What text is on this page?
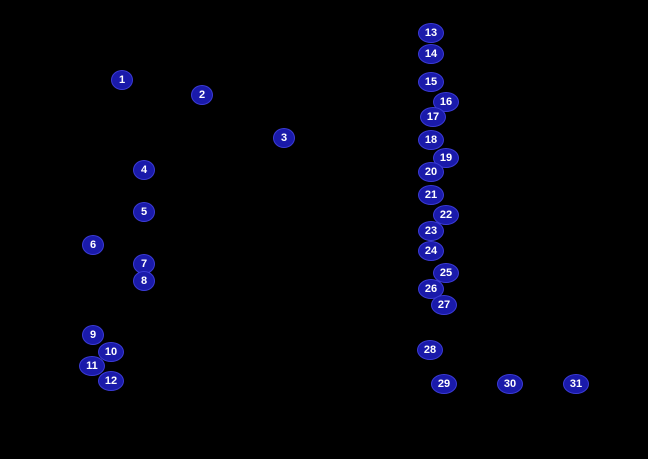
1
2
3
4
5
6
7
8
9
10
11
12
13
14
15
16
17
18
19
20
21
22
23
24
25
26
27
28
29	30	31
